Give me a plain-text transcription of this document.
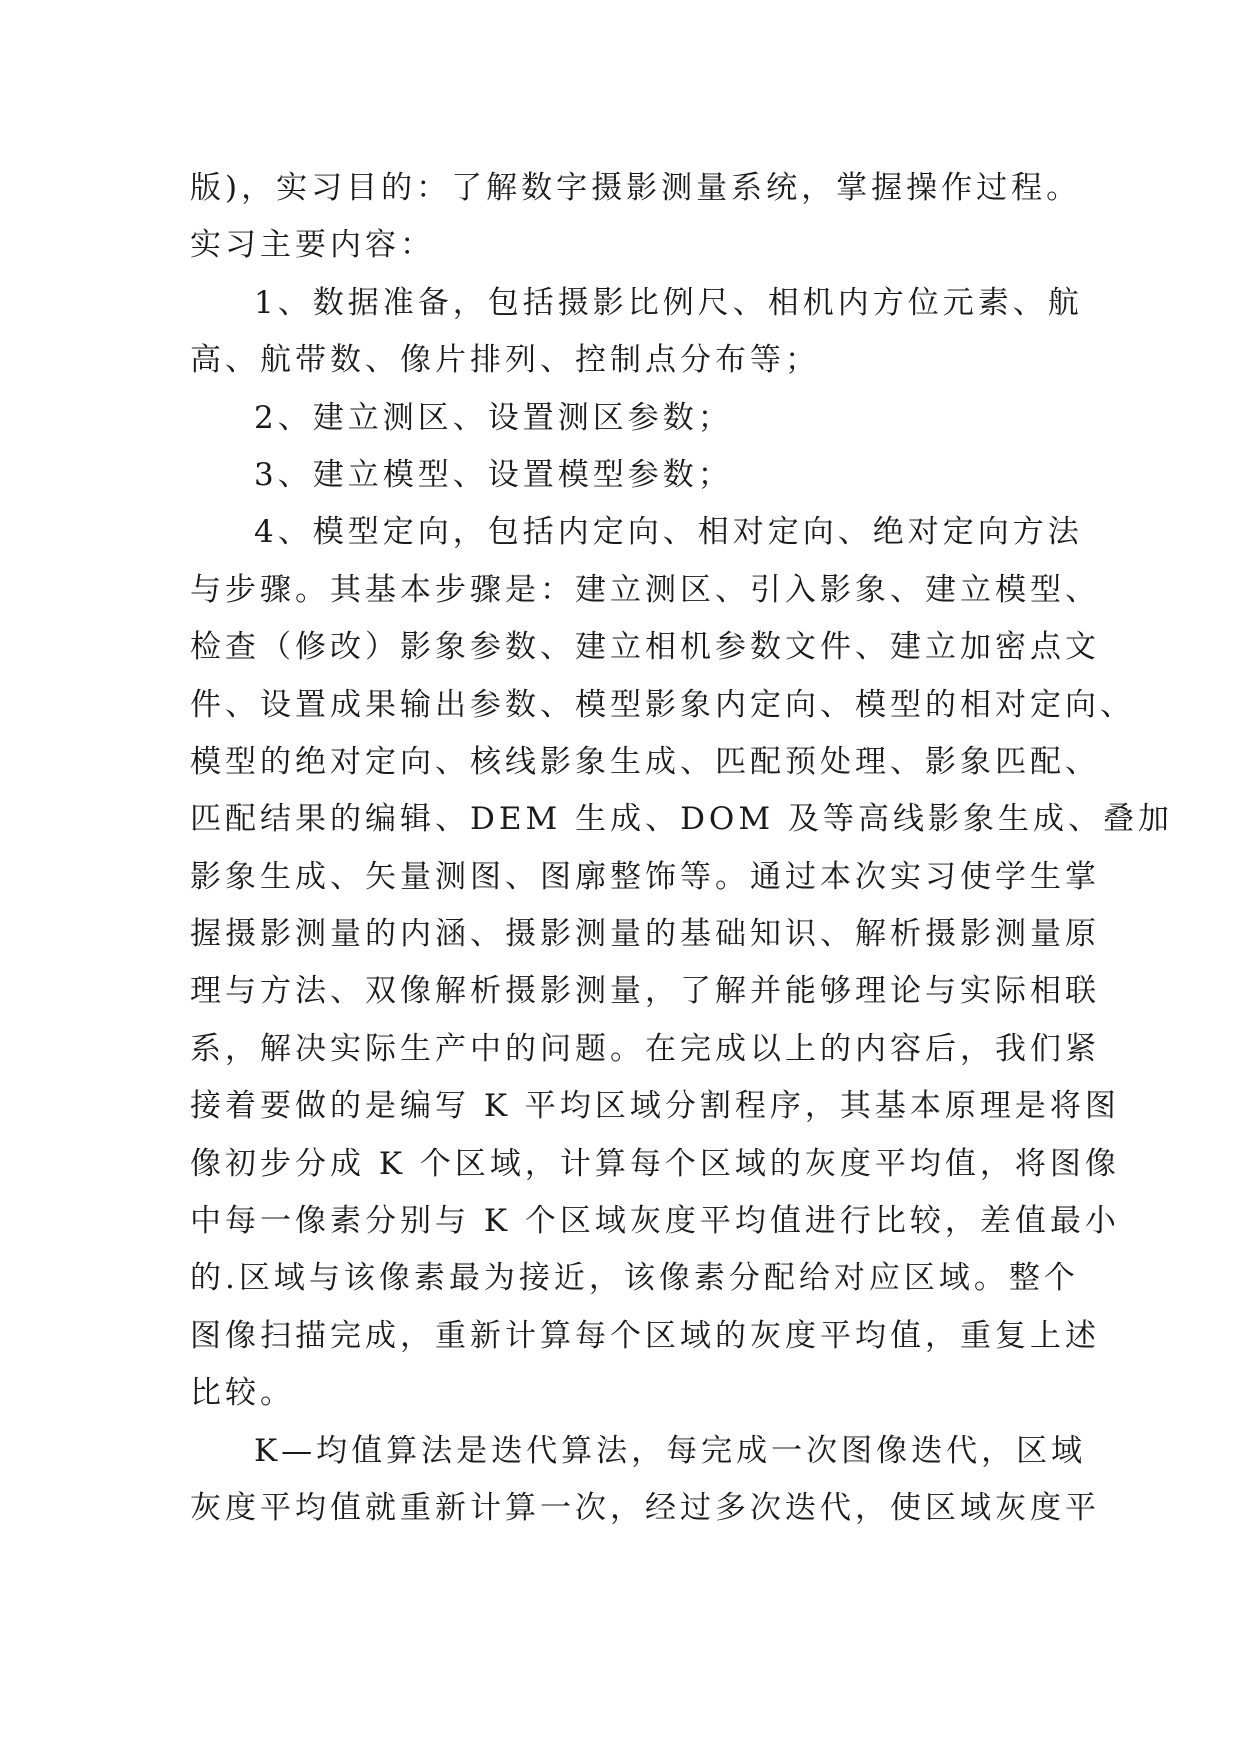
版)，实习目的：了解数字摄影测量系统，掌握操作过程。
实习主要内容：
1、数据准备，包括摄影比例尺、相机内方位元素、航
高、航带数、像片排列、控制点分布等；
2、建立测区、设置测区参数；
3、建立模型、设置模型参数；
4、模型定向，包括内定向、相对定向、绝对定向方法
与步骤。其基本步骤是：建立测区、引入影象、建立模型、
检查（修改）影象参数、建立相机参数文件、建立加密点文
件、设置成果输出参数、模型影象内定向、模型的相对定向、
模型的绝对定向、核线影象生成、匹配预处理、影象匹配、
匹配结果的编辑、DEM 生成、DOM 及等高线影象生成、叠加
影象生成、矢量测图、图廓整饰等。通过本次实习使学生掌
握摄影测量的内涵、摄影测量的基础知识、解析摄影测量原
理与方法、双像解析摄影测量，了解并能够理论与实际相联
系，解决实际生产中的问题。在完成以上的内容后，我们紧
接着要做的是编写 K 平均区域分割程序，其基本原理是将图
像初步分成 K 个区域，计算每个区域的灰度平均值，将图像
中每一像素分别与 K 个区域灰度平均值进行比较，差值最小
的.区域与该像素最为接近，该像素分配给对应区域。整个
图像扫描完成，重新计算每个区域的灰度平均值，重复上述
比较。
K—均值算法是迭代算法，每完成一次图像迭代，区域
灰度平均值就重新计算一次，经过多次迭代，使区域灰度平
